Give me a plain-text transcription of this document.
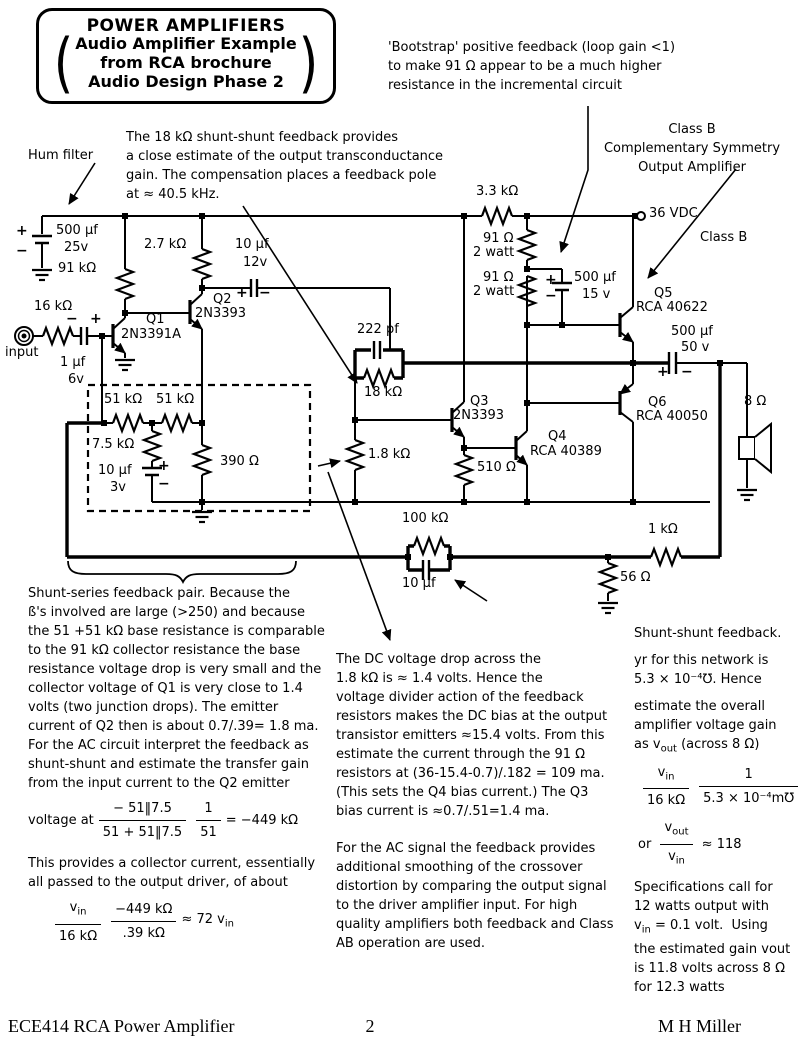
+ 500 μf
25v
−
91 kΩ
2.7 kΩ
16 kΩ
− +
input
1 μf
6v
Q1
2N3391A
Q2
2N3393
10 μf
12v
+ −
51 kΩ 51 kΩ
7.5 kΩ
10 μf +
−
3v
390 Ω
222 pf
18 kΩ
1.8 kΩ
Q3
2N3393
510 Ω
Q4
RCA 40389
3.3 kΩ
91 Ω
2 watt
91 Ω
2 watt
+ 500 μf
− 15 v
36 VDC
Class B
Q5
RCA 40622
Q6
RCA 40050
500 μf
50 v
+ −
8 Ω
100 kΩ
10 μf
1 kΩ
56 Ω
POWER AMPLIFIERS
( Audio Amplifier Example
from RCA brochure
Audio Design Phase 2 )	'Bootstrap' positive feedback (loop gain <1)
to make 91 Ω appear to be a much higher
resistance in the incremental circuit
Hum filter
The 18 kΩ shunt-shunt feedback provides
a close estimate of the output transconductance
gain. The compensation places a feedback pole
at ≈ 40.5 kHz.
Class B
Complementary Symmetry
Output Amplifier

Shunt-series feedback pair. Because the
ß's involved are large (>250) and because
the 51 +51 kΩ base resistance is comparable
to the 91 kΩ collector resistance the base
resistance voltage drop is very small and the
collector voltage of Q1 is very close to 1.4
volts (two junction drops). The emitter
current of Q2 then is about 0.7/.39= 1.8 ma.
For the AC circuit interpret the feedback as
shunt-shunt and estimate the transfer gain
from the input current to the Q2 emitter

voltage at $\frac{- 51‖7.5}{51 + 51‖7.5} \frac{1}{51} = -449$ kΩ

This provides a collector current, essentially
all passed to the output driver, of about

$\frac{v_{in}}{16 k\Omega} \frac{-449 k\Omega}{.39 k\Omega} \approx 72$ $v_{in}$

The DC voltage drop across the
1.8 kΩ is ≈ 1.4 volts. Hence the
voltage divider action of the feedback
resistors makes the DC bias at the output
transistor emitters ≈15.4 volts. From this
estimate the current through the 91 Ω
resistors at (36-15.4-0.7)/.182 = 109 ma.
(This sets the Q4 bias current.) The Q3
bias current is ≈0.7/.51=1.4 ma.

For the AC signal the feedback provides
additional smoothing of the crossover
distortion by comparing the output signal
to the driver amplifier input. For high
quality amplifiers both feedback and Class
AB operation are used.

Shunt-shunt feedback.

yr for this network is
5.3 × 10⁻⁴℧. Hence

estimate the overall
amplifier voltage gain

as $v_{out}$ (across 8 Ω)
$\frac{v_{in}}{16 k\Omega} \frac{1}{\text{5.3 × 10⁻⁴m℧}}$
or $\frac{v_{out}}{v_{in}} \approx 118$

Specifications call for
12 watts output with

$v_{in} = 0.1$ volt.  Using

the estimated gain vout
is 11.8 volts across 8 Ω
for 12.3 watts

ECE414 RCA Power Amplifier	2	M H Miller
